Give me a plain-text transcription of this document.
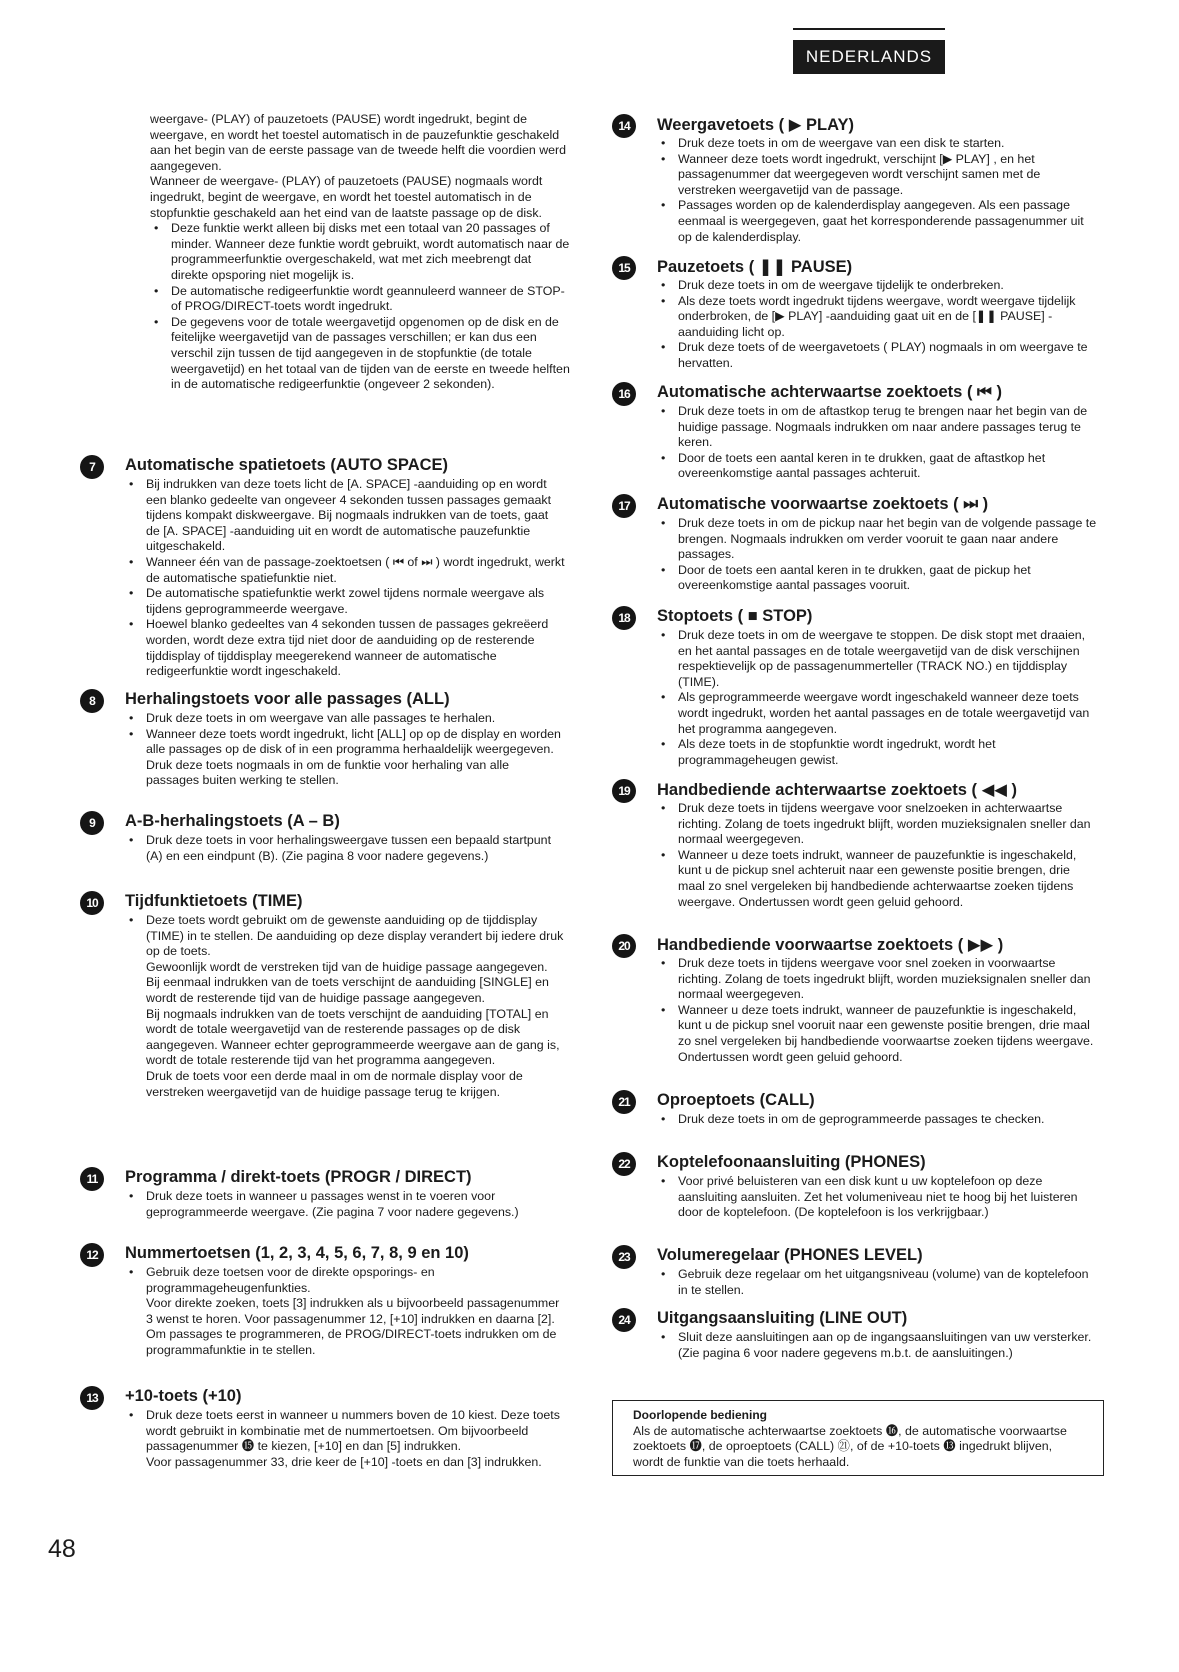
NEDERLANDS
weergave- (PLAY) of pauzetoets (PAUSE) wordt ingedrukt, begint de weergave, en wordt het toestel automatisch in de pauzefunktie geschakeld aan het begin van de eerste passage van de tweede helft die voordien werd aangegeven.
Wanneer de weergave- (PLAY) of pauzetoets (PAUSE) nogmaals wordt ingedrukt, begint de weergave, en wordt het toestel automatisch in de stopfunktie geschakeld aan het eind van de laatste passage op de disk.
• Deze funktie werkt alleen bij disks met een totaal van 20 passages of minder. Wanneer deze funktie wordt gebruikt, wordt automatisch naar de programmeerfunktie overgeschakeld, wat met zich meebrengt dat direkte opsporing niet mogelijk is.
• De automatische redigeerfunktie wordt geannuleerd wanneer de STOP- of PROG/DIRECT-toets wordt ingedrukt.
• De gegevens voor de totale weergavetijd opgenomen op de disk en de feitelijke weergavetijd van de passages verschillen; er kan dus een verschil zijn tussen de tijd aangegeven in de stopfunktie (de totale weergavetijd) en het totaal van de tijden van de eerste en tweede helften in de automatische redigeerfunktie (ongeveer 2 sekonden).
7	Automatische spatietoets (AUTO SPACE)
• Bij indrukken van deze toets licht de [A. SPACE] -aanduiding op en wordt een blanko gedeelte van ongeveer 4 sekonden tussen passages gemaakt tijdens kompakt diskweergave. Bij nogmaals indrukken van de toets, gaat de [A. SPACE] -aanduiding uit en wordt de automatische pauzefunktie uitgeschakeld.
• Wanneer één van de passage-zoektoetsen ( ⏮ of ⏭ ) wordt ingedrukt, werkt de automatische spatiefunktie niet.
• De automatische spatiefunktie werkt zowel tijdens normale weergave als tijdens geprogrammeerde weergave.
• Hoewel blanko gedeeltes van 4 sekonden tussen de passages gekreëerd worden, wordt deze extra tijd niet door de aanduiding op de resterende tijddisplay of tijddisplay meegerekend wanneer de automatische redigeerfunktie wordt ingeschakeld.
8	Herhalingstoets voor alle passages (ALL)
• Druk deze toets in om weergave van alle passages te herhalen.
• Wanneer deze toets wordt ingedrukt, licht [ALL] op op de display en worden alle passages op de disk of in een programma herhaaldelijk weergegeven. Druk deze toets nogmaals in om de funktie voor herhaling van alle passages buiten werking te stellen.
9	A-B-herhalingstoets (A – B)
• Druk deze toets in voor herhalingsweergave tussen een bepaald startpunt (A) en een eindpunt (B). (Zie pagina 8 voor nadere gegevens.)
10	Tijdfunktietoets (TIME)
• Deze toets wordt gebruikt om de gewenste aanduiding op de tijddisplay (TIME) in te stellen. De aanduiding op deze display verandert bij iedere druk op de toets.
Gewoonlijk wordt de verstreken tijd van de huidige passage aangegeven.
Bij eenmaal indrukken van de toets verschijnt de aanduiding [SINGLE] en wordt de resterende tijd van de huidige passage aangegeven.
Bij nogmaals indrukken van de toets verschijnt de aanduiding [TOTAL] en wordt de totale weergavetijd van de resterende passages op de disk aangegeven. Wanneer echter geprogrammeerde weergave aan de gang is, wordt de totale resterende tijd van het programma aangegeven.
Druk de toets voor een derde maal in om de normale display voor de verstreken weergavetijd van de huidige passage terug te krijgen.
11	Programma / direkt-toets (PROGR / DIRECT)
• Druk deze toets in wanneer u passages wenst in te voeren voor geprogrammeerde weergave. (Zie pagina 7 voor nadere gegevens.)
12	Nummertoetsen (1, 2, 3, 4, 5, 6, 7, 8, 9 en 10)
• Gebruik deze toetsen voor de direkte opsporings- en programmageheugenfunkties.
Voor direkte zoeken, toets [3] indrukken als u bijvoorbeeld passagenummer 3 wenst te horen. Voor passagenummer 12, [+10] indrukken en daarna [2]. Om passages te programmeren, de PROG/DIRECT-toets indrukken om de programmafunktie in te stellen.
13	+10-toets (+10)
• Druk deze toets eerst in wanneer u nummers boven de 10 kiest. Deze toets wordt gebruikt in kombinatie met de nummertoetsen. Om bijvoorbeeld passagenummer ⓯ te kiezen, [+10] en dan [5] indrukken.
Voor passagenummer 33, drie keer de [+10] -toets en dan [3] indrukken.
14	Weergavetoets ( ▶ PLAY)
• Druk deze toets in om de weergave van een disk te starten.
• Wanneer deze toets wordt ingedrukt, verschijnt [▶ PLAY] , en het passagenummer dat weergegeven wordt verschijnt samen met de verstreken weergavetijd van de passage.
• Passages worden op de kalenderdisplay aangegeven. Als een passage eenmaal is weergegeven, gaat het korresponderende passagenummer uit op de kalenderdisplay.
15	Pauzetoets ( ❚❚ PAUSE)
• Druk deze toets in om de weergave tijdelijk te onderbreken.
• Als deze toets wordt ingedrukt tijdens weergave, wordt weergave tijdelijk onderbroken, de [▶ PLAY] -aanduiding gaat uit en de [❚❚ PAUSE] -aanduiding licht op.
• Druk deze toets of de weergavetoets ( PLAY) nogmaals in om weergave te hervatten.
16	Automatische achterwaartse zoektoets ( ⏮ )
• Druk deze toets in om de aftastkop terug te brengen naar het begin van de huidige passage. Nogmaals indrukken om naar andere passages terug te keren.
• Door de toets een aantal keren in te drukken, gaat de aftastkop het overeenkomstige aantal passages achteruit.
17	Automatische voorwaartse zoektoets ( ⏭ )
• Druk deze toets in om de pickup naar het begin van de volgende passage te brengen. Nogmaals indrukken om verder vooruit te gaan naar andere passages.
• Door de toets een aantal keren in te drukken, gaat de pickup het overeenkomstige aantal passages vooruit.
18	Stoptoets ( ■ STOP)
• Druk deze toets in om de weergave te stoppen. De disk stopt met draaien, en het aantal passages en de totale weergavetijd van de disk verschijnen respektievelijk op de passagenummerteller (TRACK NO.) en tijddisplay (TIME).
• Als geprogrammeerde weergave wordt ingeschakeld wanneer deze toets wordt ingedrukt, worden het aantal passages en de totale weergavetijd van het programma aangegeven.
• Als deze toets in de stopfunktie wordt ingedrukt, wordt het programmageheugen gewist.
19	Handbediende achterwaartse zoektoets ( ◀◀ )
• Druk deze toets in tijdens weergave voor snelzoeken in achterwaartse richting. Zolang de toets ingedrukt blijft, worden muzieksignalen sneller dan normaal weergegeven.
• Wanneer u deze toets indrukt, wanneer de pauzefunktie is ingeschakeld, kunt u de pickup snel achteruit naar een gewenste positie brengen, drie maal zo snel vergeleken bij handbediende achterwaartse zoeken tijdens weergave. Ondertussen wordt geen geluid gehoord.
20	Handbediende voorwaartse zoektoets ( ▶▶ )
• Druk deze toets in tijdens weergave voor snel zoeken in voorwaartse richting. Zolang de toets ingedrukt blijft, worden muzieksignalen sneller dan normaal weergegeven.
• Wanneer u deze toets indrukt, wanneer de pauzefunktie is ingeschakeld, kunt u de pickup snel vooruit naar een gewenste positie brengen, drie maal zo snel vergeleken bij handbediende voorwaartse zoeken tijdens weergave. Ondertussen wordt geen geluid gehoord.
21	Oproeptoets (CALL)
• Druk deze toets in om de geprogrammeerde passages te checken.
22	Koptelefoonaansluiting (PHONES)
• Voor privé beluisteren van een disk kunt u uw koptelefoon op deze aansluiting aansluiten. Zet het volumeniveau niet te hoog bij het luisteren door de koptelefoon. (De koptelefoon is los verkrijgbaar.)
23	Volumeregelaar (PHONES LEVEL)
• Gebruik deze regelaar om het uitgangsniveau (volume) van de koptelefoon in te stellen.
24	Uitgangsaansluiting (LINE OUT)
• Sluit deze aansluitingen aan op de ingangsaansluitingen van uw versterker. (Zie pagina 6 voor nadere gegevens m.b.t. de aansluitingen.)
Doorlopende bediening
Als de automatische achterwaartse zoektoets ⓰, de automatische voorwaartse zoektoets ⓱, de oproeptoets (CALL) ㉑, of de +10-toets ⓭ ingedrukt blijven, wordt de funktie van die toets herhaald.
48
